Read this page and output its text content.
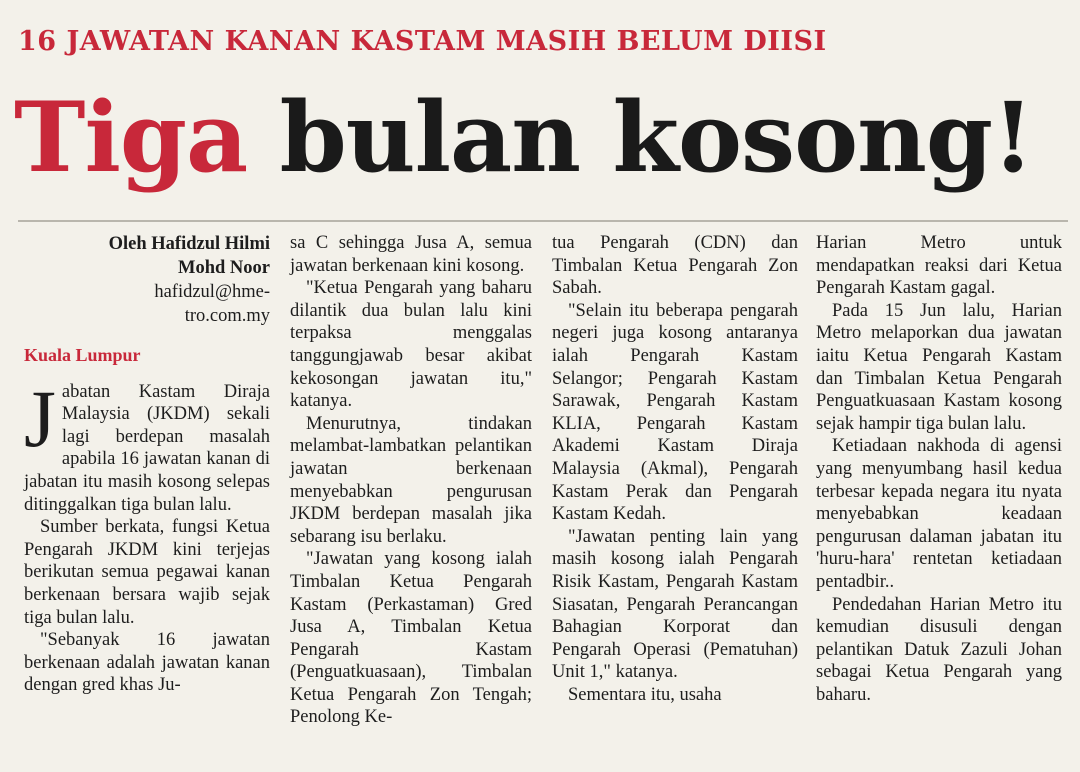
16 JAWATAN KANAN KASTAM MASIH BELUM DIISI
Tiga bulan kosong!

Oleh Hafidzul Hilmi
Mohd Noor

hafidzul@hme-
tro.com.my

Kuala Lumpur

Jabatan Kastam Diraja Malaysia (JKDM) sekali lagi berdepan masalah apabila 16 jawatan kanan di jabatan itu masih kosong selepas ditinggalkan tiga bulan lalu.

Sumber berkata, fungsi Ketua Pengarah JKDM kini terjejas berikutan semua pegawai kanan berkenaan bersara wajib sejak tiga bulan lalu.

"Sebanyak 16 jawatan berkenaan adalah jawatan kanan dengan gred khas Ju-

sa C sehingga Jusa A, semua jawatan berkenaan kini kosong.

"Ketua Pengarah yang baharu dilantik dua bulan lalu kini terpaksa menggalas tanggungjawab besar akibat kekosongan jawatan itu," katanya.

Menurutnya, tindakan melambat-lambatkan pelantikan jawatan berkenaan menyebabkan pengurusan JKDM berdepan masalah jika sebarang isu berlaku.

"Jawatan yang kosong ialah Timbalan Ketua Pengarah Kastam (Perkastaman) Gred Jusa A, Timbalan Ketua Pengarah Kastam (Penguatkuasaan), Timbalan Ketua Pengarah Zon Tengah; Penolong Ke-

tua Pengarah (CDN) dan Timbalan Ketua Pengarah Zon Sabah.

"Selain itu beberapa pengarah negeri juga kosong antaranya ialah Pengarah Kastam Selangor; Pengarah Kastam Sarawak, Pengarah Kastam KLIA, Pengarah Kastam Akademi Kastam Diraja Malaysia (Akmal), Pengarah Kastam Perak dan Pengarah Kastam Kedah.

"Jawatan penting lain yang masih kosong ialah Pengarah Risik Kastam, Pengarah Kastam Siasatan, Pengarah Perancangan Bahagian Korporat dan Pengarah Operasi (Pematuhan) Unit 1," katanya.

Sementara itu, usaha

Harian Metro untuk mendapatkan reaksi dari Ketua Pengarah Kastam gagal.

Pada 15 Jun lalu, Harian Metro melaporkan dua jawatan iaitu Ketua Pengarah Kastam dan Timbalan Ketua Pengarah Penguatkuasaan Kastam kosong sejak hampir tiga bulan lalu.

Ketiadaan nakhoda di agensi yang menyumbang hasil kedua terbesar kepada negara itu nyata menyebabkan keadaan pengurusan dalaman jabatan itu 'huru-hara' rentetan ketiadaan pentadbir..

Pendedahan Harian Metro itu kemudian disusuli dengan pelantikan Datuk Zazuli Johan sebagai Ketua Pengarah yang baharu.
